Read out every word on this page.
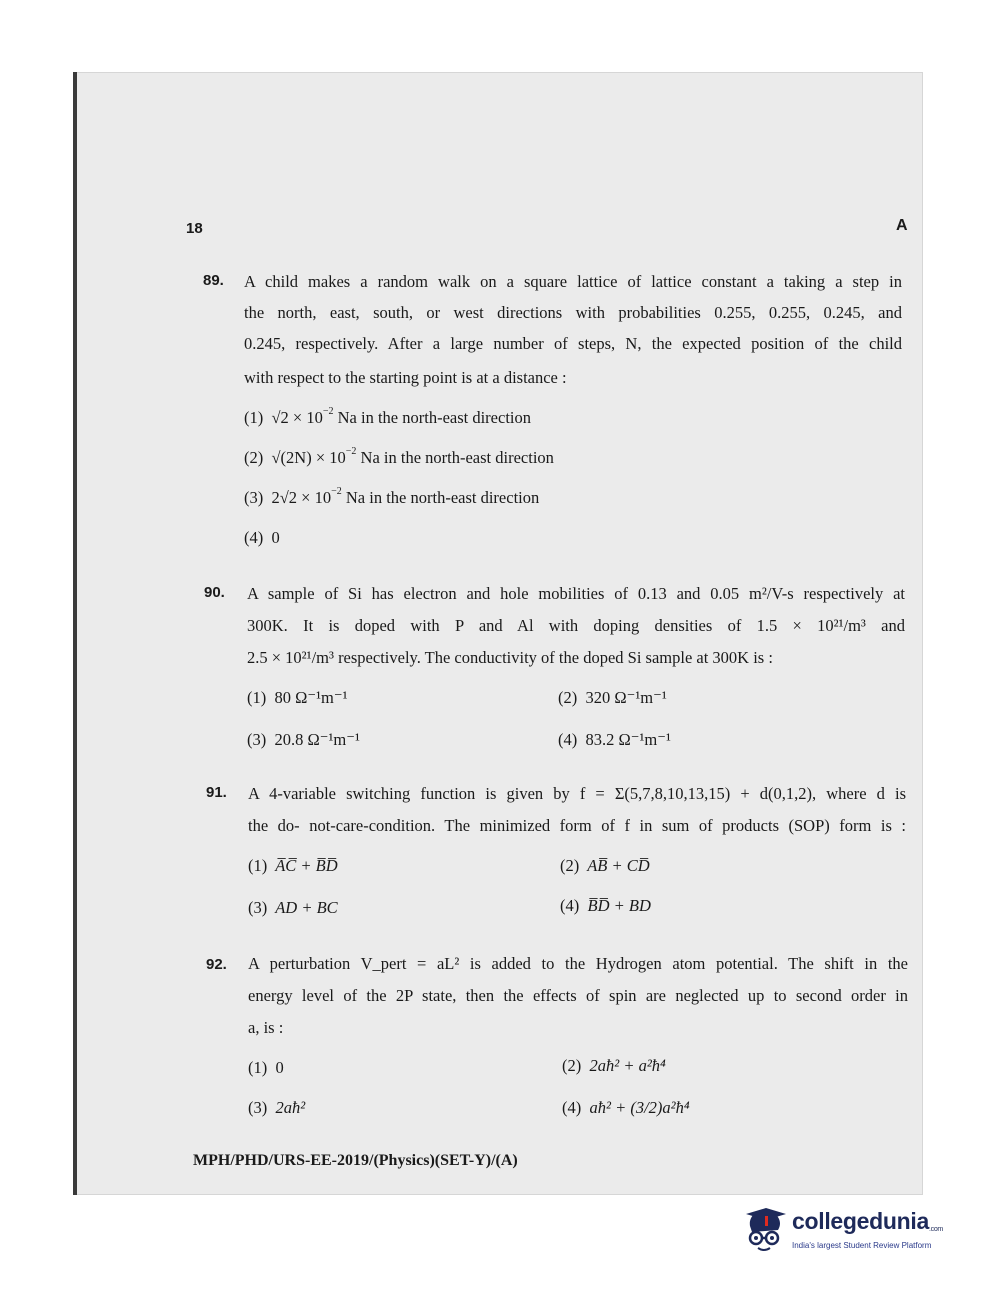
18	A
89. A child makes a random walk on a square lattice of lattice constant a taking a step in
the north, east, south, or west directions with probabilities 0.255, 0.255, 0.245, and
0.245, respectively. After a large number of steps, N, the expected position of the child
with respect to the starting point is at a distance :
(1) $√2 \times 10^{-2}$ Na in the north-east direction
(2) $√(2N) \times 10^{-2}$ Na in the north-east direction
(3) $2√2 \times 10^{-2}$ Na in the north-east direction
(4) 0
90. A sample of Si has electron and hole mobilities of 0.13 and 0.05 m²/V-s respectively at
300K. It is doped with P and Al with doping densities of 1.5 × 10²¹/m³ and
2.5 × 10²¹/m³ respectively. The conductivity of the doped Si sample at 300K is :
(1) 80 Ω⁻¹m⁻¹	(2) 320 Ω⁻¹m⁻¹
(3) 20.8 Ω⁻¹m⁻¹	(4) 83.2 Ω⁻¹m⁻¹
91. A 4-variable switching function is given by f = Σ(5,7,8,10,13,15) + d(0,1,2), where d is
the do- not-care-condition. The minimized form of f in sum of products (SOP) form is :
(1) A̅C̅ + B̅D̅	(2) AB̅ + CD̅
(3) AD + BC	(4) B̅D̅ + BD
92. A perturbation V_pert = aL² is added to the Hydrogen atom potential. The shift in the
energy level of the 2P state, then the effects of spin are neglected up to second order in
a, is :
(1) 0	(2) 2aħ² + a²ħ⁴
(3) 2aħ²	(4) aħ² + (3/2)a²ħ⁴
MPH/PHD/URS-EE-2019/(Physics)(SET-Y)/(A)
collegedunia.com
India's largest Student Review Platform
